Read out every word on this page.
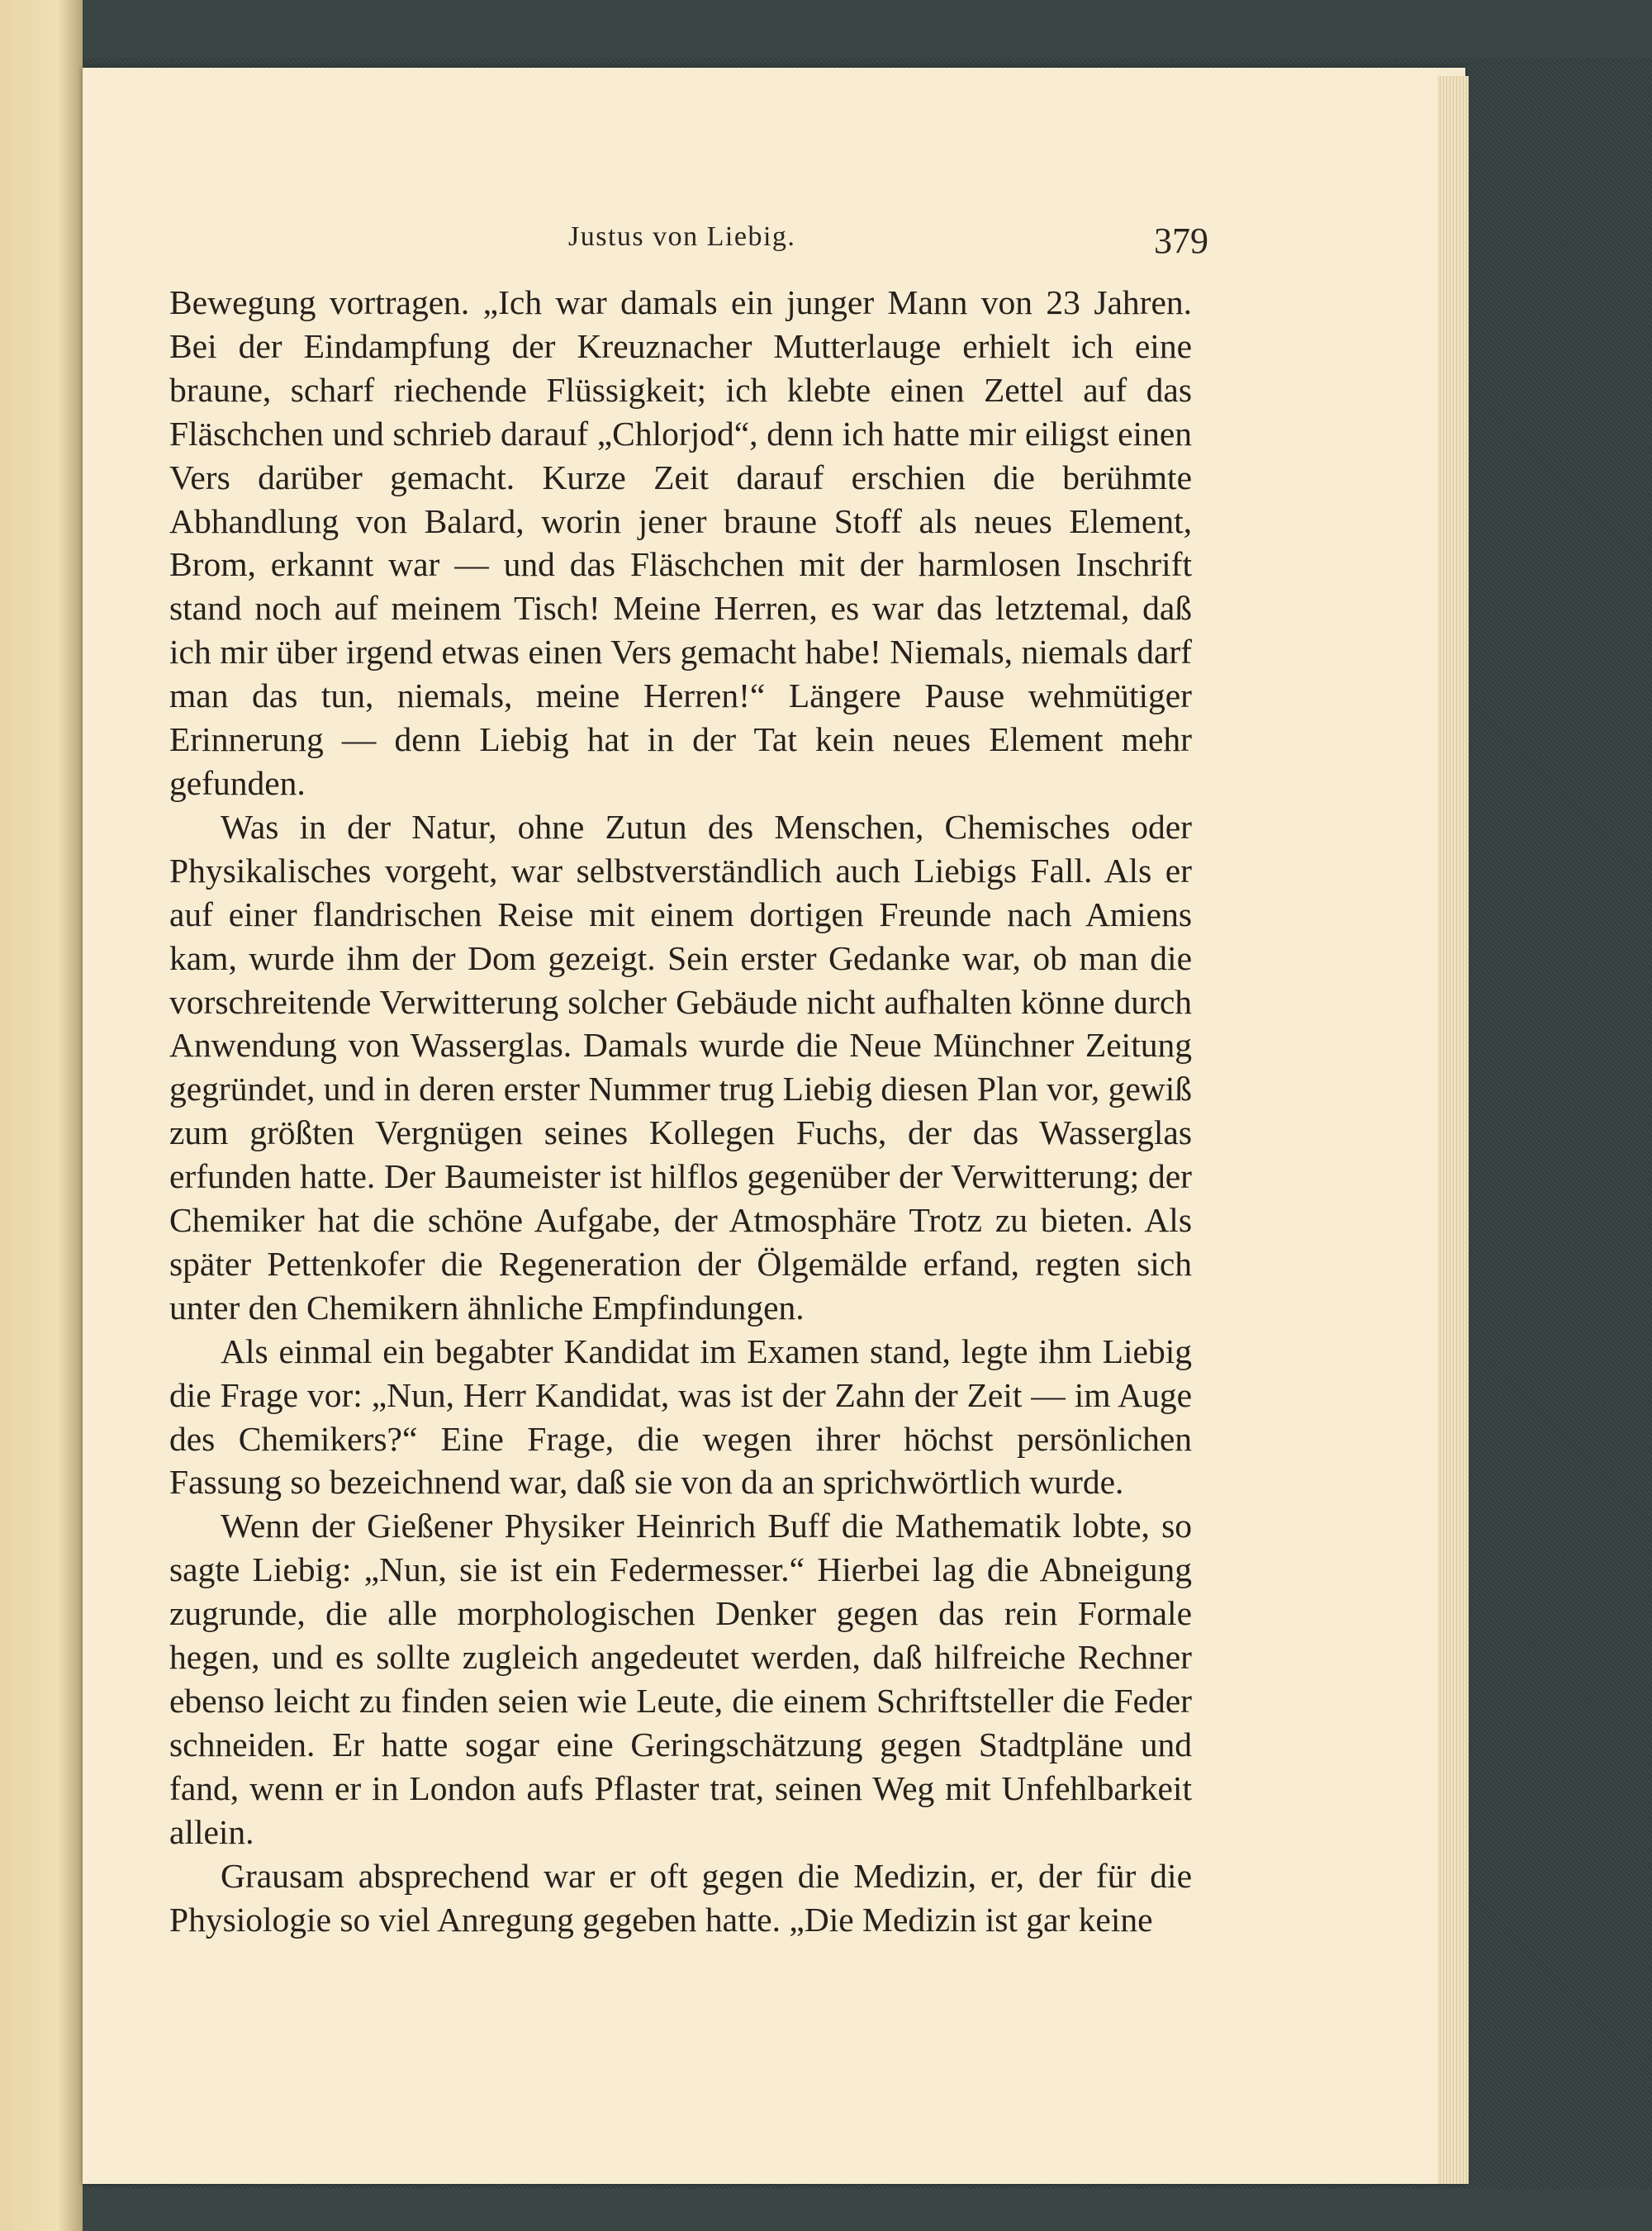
Justus von Liebig.	379

Bewegung vortragen. „Ich war damals ein junger Mann von 23 Jahren. Bei der Eindampfung der Kreuznacher Mutterlauge erhielt ich eine braune, scharf riechende Flüssigkeit; ich klebte einen Zettel auf das Fläschchen und schrieb darauf „Chlorjod“, denn ich hatte mir eiligst einen Vers darüber gemacht. Kurze Zeit darauf erschien die berühmte Abhandlung von Balard, worin jener braune Stoff als neues Element, Brom, erkannt war — und das Fläschchen mit der harmlosen Inschrift stand noch auf meinem Tisch! Meine Herren, es war das letztemal, daß ich mir über irgend etwas einen Vers gemacht habe! Niemals, niemals darf man das tun, niemals, meine Herren!“ Längere Pause wehmütiger Erinnerung — denn Liebig hat in der Tat kein neues Element mehr gefunden.

Was in der Natur, ohne Zutun des Menschen, Chemisches oder Physikalisches vorgeht, war selbstverständlich auch Liebigs Fall. Als er auf einer flandrischen Reise mit einem dortigen Freunde nach Amiens kam, wurde ihm der Dom gezeigt. Sein erster Gedanke war, ob man die vorschreitende Verwitterung solcher Gebäude nicht aufhalten könne durch Anwendung von Wasserglas. Damals wurde die Neue Münchner Zeitung gegründet, und in deren erster Nummer trug Liebig diesen Plan vor, gewiß zum größten Vergnügen seines Kollegen Fuchs, der das Wasserglas erfunden hatte. Der Baumeister ist hilflos gegenüber der Verwitterung; der Chemiker hat die schöne Aufgabe, der Atmosphäre Trotz zu bieten. Als später Pettenkofer die Regeneration der Ölgemälde erfand, regten sich unter den Chemikern ähnliche Empfindungen.

Als einmal ein begabter Kandidat im Examen stand, legte ihm Liebig die Frage vor: „Nun, Herr Kandidat, was ist der Zahn der Zeit — im Auge des Chemikers?“ Eine Frage, die wegen ihrer höchst persönlichen Fassung so bezeichnend war, daß sie von da an sprichwörtlich wurde.

Wenn der Gießener Physiker Heinrich Buff die Mathematik lobte, so sagte Liebig: „Nun, sie ist ein Federmesser.“ Hierbei lag die Abneigung zugrunde, die alle morphologischen Denker gegen das rein Formale hegen, und es sollte zugleich angedeutet werden, daß hilfreiche Rechner ebenso leicht zu finden seien wie Leute, die einem Schriftsteller die Feder schneiden. Er hatte sogar eine Geringschätzung gegen Stadtpläne und fand, wenn er in London aufs Pflaster trat, seinen Weg mit Unfehlbarkeit allein.

Grausam absprechend war er oft gegen die Medizin, er, der für die Physiologie so viel Anregung gegeben hatte. „Die Medizin ist gar keine
